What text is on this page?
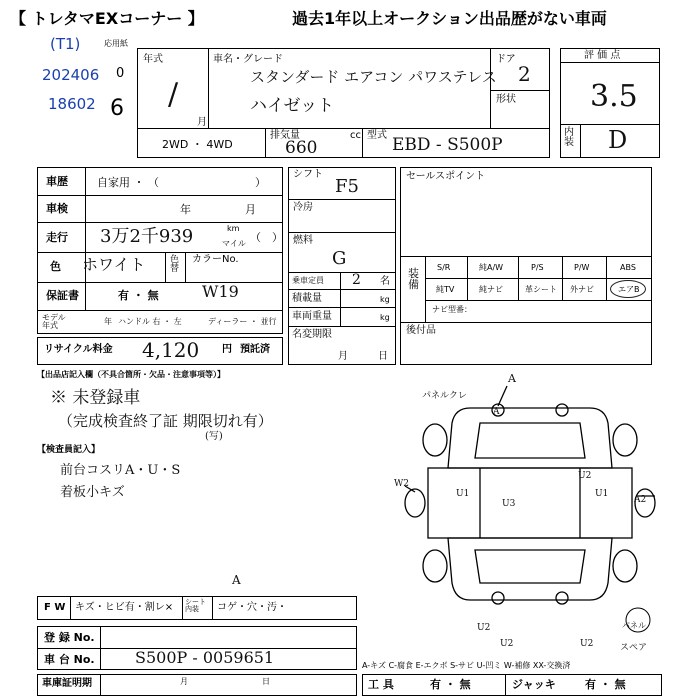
【 トレタマEXコーナー 】	過去1年以上オークション出品歴がない車両
(T1)
202406
18602
応用紙
0
6
年式
月
/
車名・グレード
スタンダード エアコン パワステレス
ハイゼット
ドア
2
形状
2WD ・ 4WD
排気量	cc
660
型式 EBD - S500P
評 価 点
3.5
内装 D
車歴	自家用 ・ （	）
車検	年	月
走行 3万2千939	km
マイル （　）
色 ホワイト	色替
カラーNo.
W19
保証書	有 ・ 無
モデル年式	年 ハンドル 右 ・ 左	ディーラー ・ 並行
リサイクル料金 4,120 円 預託済
シフト
F5
冷房
燃料
G
乗車定員 2 名
積載量	kg
車両重量	kg
名変期限
月	日
セールスポイント
装備
S/R	純A/W	P/S	P/W	ABS
純TV	純ナビ	革シート 外ナビ	エアB
ナビ型番：
後付品
【出品店記入欄（不具合箇所・欠品・注意事項等）】
※ 未登録車
（完成検査終了証 期限切れ有）
(写)
【検査員記入】
前台コスリA・U・S
着板小キズ
A
パネルクレ
A
U1
U3
U1
U2
A2
W2
U2
U2	U2
パネル
スペア
F W キズ・ヒビ有・割レ× シート内装	コゲ・穴・汚・
A
登 録 No.
車 台 No.	S500P - 0059651	A-キズ C-腐食 E-エクボ S-サビ U-凹ミ W-補修 XX-交換済
車庫証明期	月	日	工 具	有 ・ 無	ジャッキ	有 ・ 無
